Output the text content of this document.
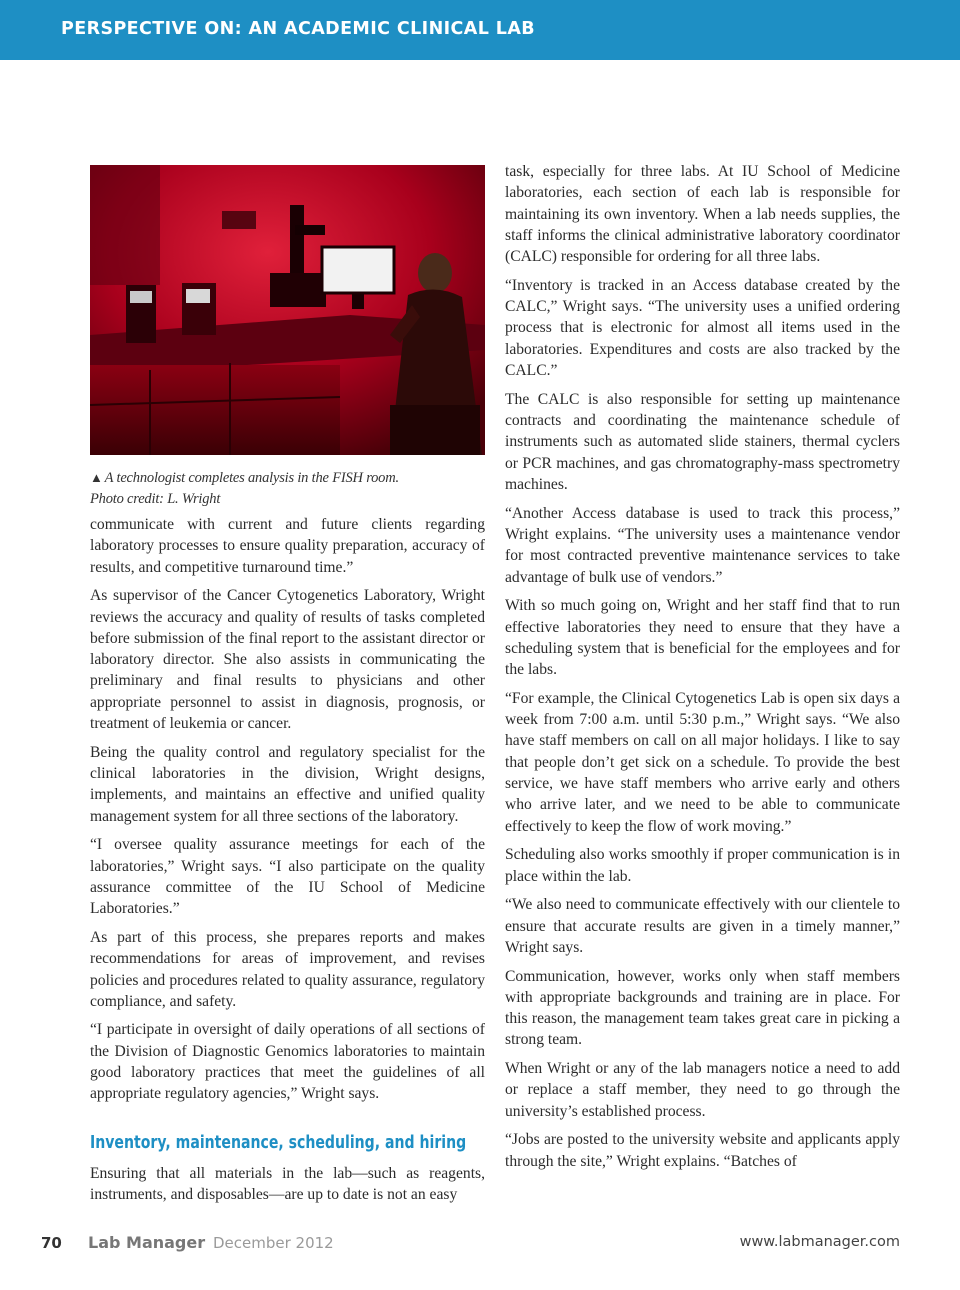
PERSPECTIVE ON: AN ACADEMIC CLINICAL LAB
▲ A technologist completes analysis in the FISH room.
Photo credit: L. Wright

communicate with current and future clients regarding laboratory processes to ensure quality preparation, accuracy of results, and competitive turnaround time.”

As supervisor of the Cancer Cytogenetics Laboratory, Wright reviews the accuracy and quality of results of tasks completed before submission of the final report to the assistant director or laboratory director. She also assists in communicating the preliminary and final results to physicians and other appropriate personnel to assist in diagnosis, prognosis, or treatment of leukemia or cancer.

Being the quality control and regulatory specialist for the clinical laboratories in the division, Wright designs, implements, and maintains an effective and unified quality management system for all three sections of the laboratory.

“I oversee quality assurance meetings for each of the laboratories,” Wright says. “I also participate on the quality assurance committee of the IU School of Medicine Laboratories.”

As part of this process, she prepares reports and makes recommendations for areas of improvement, and revises policies and procedures related to quality assurance, regulatory compliance, and safety.

“I participate in oversight of daily operations of all sections of the Division of Diagnostic Genomics laboratories to maintain good laboratory practices that meet the guidelines of all appropriate regulatory agencies,” Wright says.

Inventory, maintenance, scheduling, and hiring

Ensuring that all materials in the lab—such as reagents, instruments, and disposables—are up to date is not an easy

task, especially for three labs. At IU School of Medicine laboratories, each section of each lab is responsible for maintaining its own inventory. When a lab needs supplies, the staff informs the clinical administrative laboratory coordinator (CALC) responsible for ordering for all three labs.

“Inventory is tracked in an Access database created by the CALC,” Wright says. “The university uses a unified ordering process that is electronic for almost all items used in the laboratories. Expenditures and costs are also tracked by the CALC.”

The CALC is also responsible for setting up maintenance contracts and coordinating the maintenance schedule of instruments such as automated slide stainers, thermal cyclers or PCR machines, and gas chromatography-mass spectrometry machines.

“Another Access database is used to track this process,” Wright explains. “The university uses a maintenance vendor for most contracted preventive maintenance services to take advantage of bulk use of vendors.”

With so much going on, Wright and her staff find that to run effective laboratories they need to ensure that they have a scheduling system that is beneficial for the employees and for the labs.

“For example, the Clinical Cytogenetics Lab is open six days a week from 7:00 a.m. until 5:30 p.m.,” Wright says. “We also have staff members on call on all major holidays. I like to say that people don’t get sick on a schedule. To provide the best service, we have staff members who arrive early and others who arrive later, and we need to be able to communicate effectively to keep the flow of work moving.”

Scheduling also works smoothly if proper communication is in place within the lab.

“We also need to communicate effectively with our clientele to ensure that accurate results are given in a timely manner,” Wright says.

Communication, however, works only when staff members with appropriate backgrounds and training are in place. For this reason, the management team takes great care in picking a strong team.

When Wright or any of the lab managers notice a need to add or replace a staff member, they need to go through the university’s established process.

“Jobs are posted to the university website and applicants apply through the site,” Wright explains. “Batches of

70 Lab Manager December 2012	www.labmanager.com
